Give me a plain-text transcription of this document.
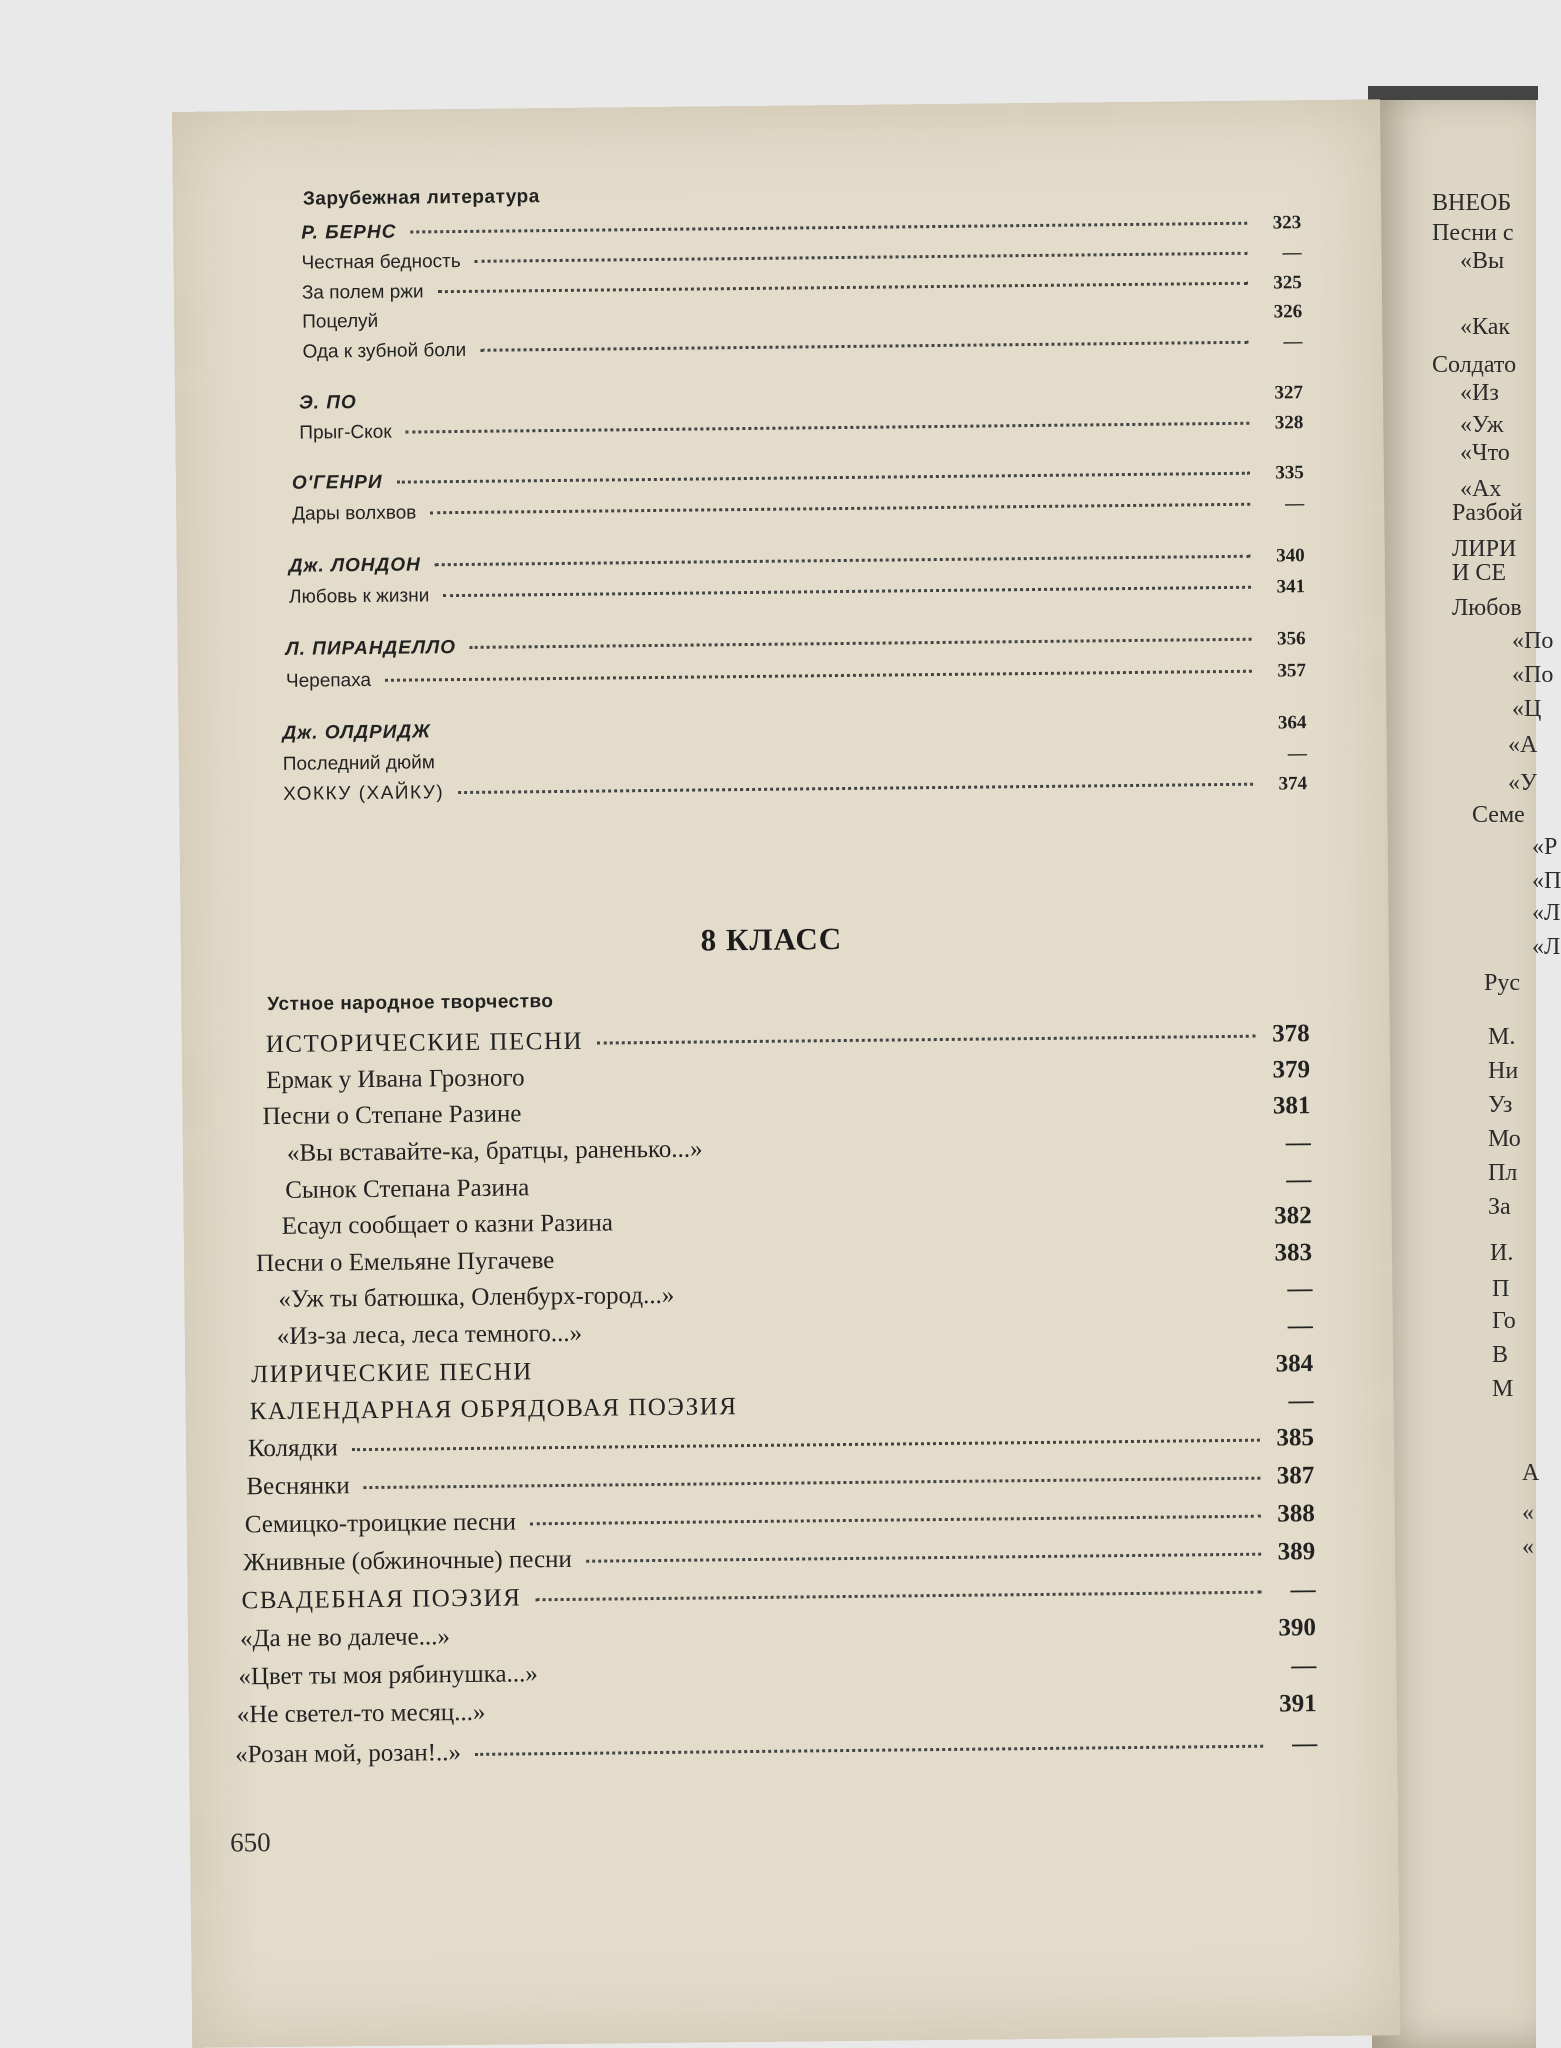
ВНЕОБ
Песни с
«Вы
«Как
Солдато
«Из
«Уж
«Что
«Ах
Разбой
ЛИРИ
И СЕ
Любов
«По
«По
«Ц
«А
«У
Семе
«Р
«П
«Л
«Л
Рус
М.
Ни
Уз
Мо
Пл
За
И.
П
Го
В
М
А
«
«
Зарубежная литература
Р. БЕРНС	323
Честная бедность	—
За полем ржи	325
Поцелуй	326
Ода к зубной боли	—
Э. ПО	327
Прыг-Скок	328
О'ГЕНРИ	335
Дары волхвов	—
Дж. ЛОНДОН	340
Любовь к жизни	341
Л. ПИРАНДЕЛЛО	356
Черепаха	357
Дж. ОЛДРИДЖ	364
Последний дюйм	—
ХОККУ (ХАЙКУ)	374
8 КЛАСС
Устное народное творчество
ИСТОРИЧЕСКИЕ ПЕСНИ	378
Ермак у Ивана Грозного	379
Песни о Степане Разине	381
«Вы вставайте-ка, братцы, раненько...»	—
Сынок Степана Разина	—
Есаул сообщает о казни Разина	382
Песни о Емельяне Пугачеве	383
«Уж ты батюшка, Оленбурх-город...»	—
«Из-за леса, леса темного...»	—
ЛИРИЧЕСКИЕ ПЕСНИ	384
КАЛЕНДАРНАЯ ОБРЯДОВАЯ ПОЭЗИЯ	—
Колядки	385
Веснянки	387
Семицко-троицкие песни	388
Жнивные (обжиночные) песни	389
СВАДЕБНАЯ ПОЭЗИЯ	—
«Да не во далече...»	390
«Цвет ты моя рябинушка...»	—
«Не светел-то месяц...»	391
«Розан мой, розан!..»	—
650
